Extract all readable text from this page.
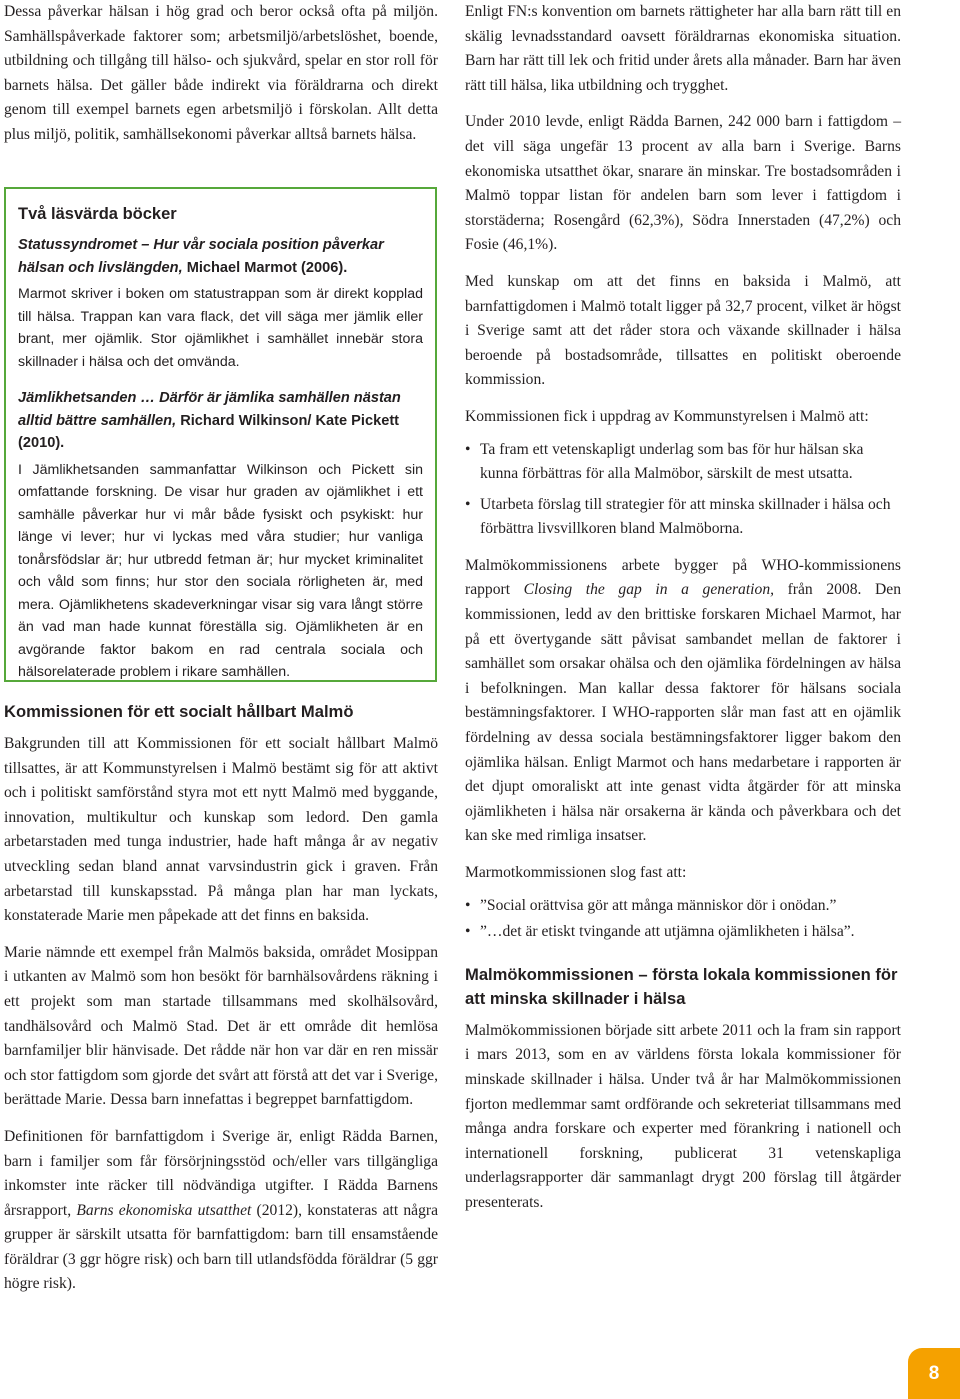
Dessa påverkar hälsan i hög grad och beror också ofta på miljön. Samhällspåverkade faktorer som; arbetsmiljö/arbetslöshet, boende, utbildning och tillgång till hälso- och sjukvård, spelar en stor roll för barnets hälsa. Det gäller både indirekt via föräldrarna och direkt genom till exempel barnets egen arbetsmiljö i förskolan. Allt detta plus miljö, politik, samhällsekonomi påverkar alltså barnets hälsa.

Två läsvärda böcker

Statussyndromet – Hur vår sociala position påverkar hälsan och livslängden, Michael Marmot (2006).

Marmot skriver i boken om statustrappan som är direkt kopplad till hälsa. Trappan kan vara flack, det vill säga mer jämlik eller brant, mer ojämlik. Stor ojämlikhet i samhället innebär stora skillnader i hälsa och det omvända.

Jämlikhetsanden … Därför är jämlika samhällen nästan alltid bättre samhällen, Richard Wilkinson/ Kate Pickett (2010).

I Jämlikhetsanden sammanfattar Wilkinson och Pickett sin omfattande forskning. De visar hur graden av ojämlikhet i ett samhälle påverkar hur vi mår både fysiskt och psykiskt: hur länge vi lever; hur vi lyckas med våra studier; hur vanliga tonårsfödslar är; hur utbredd fetman är; hur mycket kriminalitet och våld som finns; hur stor den sociala rörligheten är, med mera. Ojämlikhetens skadeverkningar visar sig vara långt större än vad man hade kunnat föreställa sig. Ojämlikheten är en avgörande faktor bakom en rad centrala sociala och hälsorelaterade problem i rikare samhällen.

Kommissionen för ett socialt hållbart Malmö

Bakgrunden till att Kommissionen för ett socialt hållbart Malmö tillsattes, är att Kommunstyrelsen i Malmö bestämt sig för att aktivt och i politiskt samförstånd styra mot ett nytt Malmö med byggande, innovation, multikultur och kunskap som ledord. Den gamla arbetarstaden med tunga industrier, hade haft många år av negativ utveckling sedan bland annat varvsindustrin gick i graven. Från arbetarstad till kunskapsstad. På många plan har man lyckats, konstaterade Marie men påpekade att det finns en baksida.

Marie nämnde ett exempel från Malmös baksida, området Mosippan i utkanten av Malmö som hon besökt för barnhälsovårdens räkning i ett projekt som man startade tillsammans med skolhälsovård, tandhälsovård och Malmö Stad. Det är ett område dit hemlösa barnfamiljer blir hänvisade. Det rådde när hon var där en ren missär och stor fattigdom som gjorde det svårt att förstå att det var i Sverige, berättade Marie. Dessa barn innefattas i begreppet barnfattigdom.

Definitionen för barnfattigdom i Sverige är, enligt Rädda Barnen, barn i familjer som får försörjningsstöd och/eller vars tillgängliga inkomster inte räcker till nödvändiga utgifter. I Rädda Barnens årsrapport, Barns ekonomiska utsatthet (2012), konstateras att några grupper är särskilt utsatta för barnfattigdom: barn till ensamstående föräldrar (3 ggr högre risk) och barn till utlandsfödda föräldrar (5 ggr högre risk).

Enligt FN:s konvention om barnets rättigheter har alla barn rätt till en skälig levnadsstandard oavsett föräldrarnas ekonomiska situation. Barn har rätt till lek och fritid under årets alla månader. Barn har även rätt till hälsa, lika utbildning och trygghet.

Under 2010 levde, enligt Rädda Barnen, 242 000 barn i fattigdom – det vill säga ungefär 13 procent av alla barn i Sverige. Barns ekonomiska utsatthet ökar, snarare än minskar. Tre bostadsområden i Malmö toppar listan för andelen barn som lever i fattigdom i storstäderna; Rosengård (62,3%), Södra Innerstaden (47,2%) och Fosie (46,1%).

Med kunskap om att det finns en baksida i Malmö, att barnfattigdomen i Malmö totalt ligger på 32,7 procent, vilket är högst i Sverige samt att det råder stora och växande skillnader i hälsa beroende på bostadsområde, tillsattes en politiskt oberoende kommission.

Kommissionen fick i uppdrag av Kommunstyrelsen i Malmö att:

• Ta fram ett vetenskapligt underlag som bas för hur hälsan ska kunna förbättras för alla Malmöbor, särskilt de mest utsatta.
• Utarbeta förslag till strategier för att minska skillnader i hälsa och förbättra livsvillkoren bland Malmöborna.

Malmökommissionens arbete bygger på WHO-kommissionens rapport Closing the gap in a generation, från 2008. Den kommissionen, ledd av den brittiske forskaren Michael Marmot, har på ett övertygande sätt påvisat sambandet mellan de faktorer i samhället som orsakar ohälsa och den ojämlika fördelningen av hälsa i befolkningen. Man kallar dessa faktorer för hälsans sociala bestämningsfaktorer. I WHO-rapporten slår man fast att en ojämlik fördelning av dessa sociala bestämningsfaktorer ligger bakom den ojämlika hälsan. Enligt Marmot och hans medarbetare i rapporten är det djupt omoraliskt att inte genast vidta åtgärder för att minska ojämlikheten i hälsa när orsakerna är kända och påverkbara och det kan ske med rimliga insatser.

Marmotkommissionen slog fast att:

• ”Social orättvisa gör att många människor dör i onödan.”
• ”…det är etiskt tvingande att utjämna ojämlikheten i hälsa”.
Malmökommissionen – första lokala kommissionen för att minska skillnader i hälsa

Malmökommissionen började sitt arbete 2011 och la fram sin rapport i mars 2013, som en av världens första lokala kommissioner för minskade skillnader i hälsa. Under två år har Malmökommissionen fjorton medlemmar samt ordförande och sekreteriat tillsammans med många andra forskare och experter med förankring i nationell och internationell forskning, publicerat 31 vetenskapliga underlagsrapporter där sammanlagt drygt 200 förslag till åtgärder presenterats.

8
